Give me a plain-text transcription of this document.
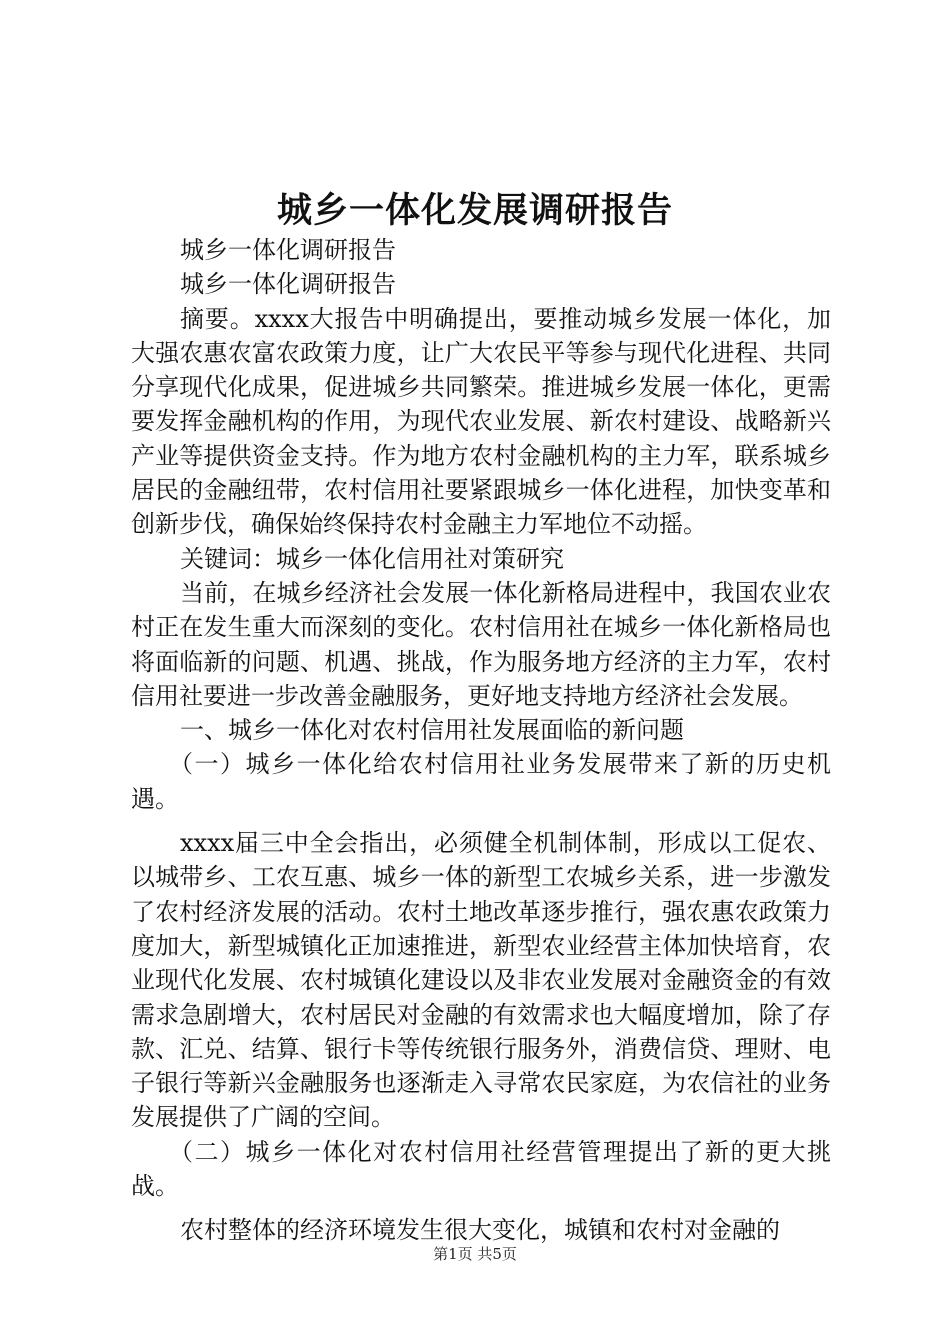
城乡一体化发展调研报告

城乡一体化调研报告

城乡一体化调研报告

摘要。xxxx大报告中明确提出，要推动城乡发展一体化，加大强农惠农富农政策力度，让广大农民平等参与现代化进程、共同分享现代化成果，促进城乡共同繁荣。推进城乡发展一体化，更需要发挥金融机构的作用，为现代农业发展、新农村建设、战略新兴产业等提供资金支持。作为地方农村金融机构的主力军，联系城乡居民的金融纽带，农村信用社要紧跟城乡一体化进程，加快变革和创新步伐，确保始终保持农村金融主力军地位不动摇。

关键词：城乡一体化信用社对策研究

当前，在城乡经济社会发展一体化新格局进程中，我国农业农村正在发生重大而深刻的变化。农村信用社在城乡一体化新格局也将面临新的问题、机遇、挑战，作为服务地方经济的主力军，农村信用社要进一步改善金融服务，更好地支持地方经济社会发展。

一、城乡一体化对农村信用社发展面临的新问题

（一）城乡一体化给农村信用社业务发展带来了新的历史机遇。

xxxx届三中全会指出，必须健全机制体制，形成以工促农、以城带乡、工农互惠、城乡一体的新型工农城乡关系，进一步激发了农村经济发展的活动。农村土地改革逐步推行，强农惠农政策力度加大，新型城镇化正加速推进，新型农业经营主体加快培育，农业现代化发展、农村城镇化建设以及非农业发展对金融资金的有效需求急剧增大，农村居民对金融的有效需求也大幅度增加，除了存款、汇兑、结算、银行卡等传统银行服务外，消费信贷、理财、电子银行等新兴金融服务也逐渐走入寻常农民家庭，为农信社的业务发展提供了广阔的空间。

（二）城乡一体化对农村信用社经营管理提出了新的更大挑战。

农村整体的经济环境发生很大变化，城镇和农村对金融的

第1页 共5页
